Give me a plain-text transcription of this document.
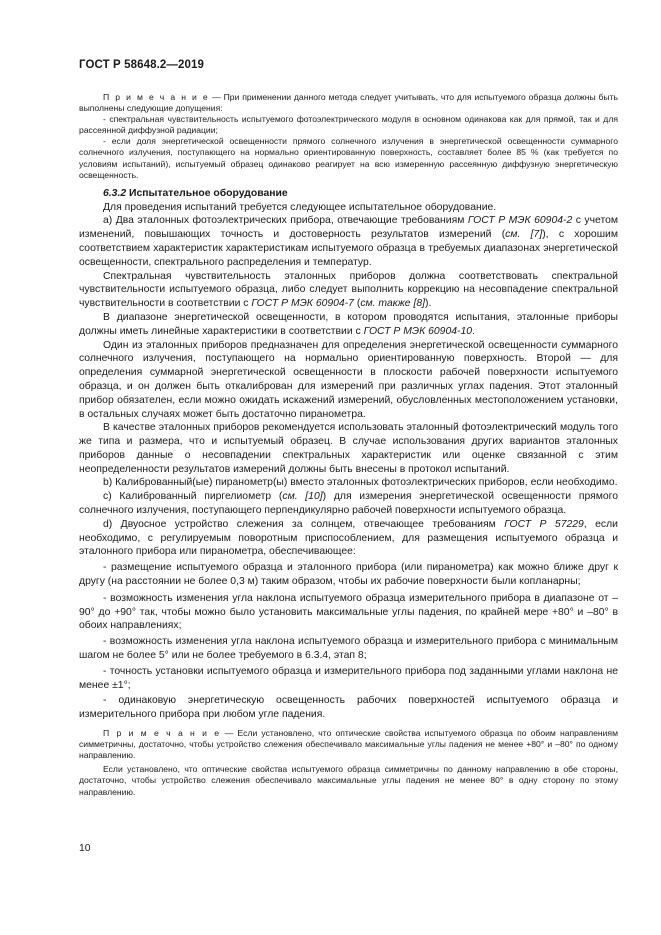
ГОСТ Р 58648.2—2019

П р и м е ч а н и е — При применении данного метода следует учитывать, что для испытуемого образца должны быть выполнены следующие допущения:

- спектральная чувствительность испытуемого фотоэлектрического модуля в основном одинакова как для прямой, так и для рассеянной диффузной радиации;

- если доля энергетической освещенности прямого солнечного излучения в энергетической освещенности суммарного солнечного излучения, поступающего на нормально ориентированную поверхность, составляет более 85 % (как требуется по условиям испытаний), испытуемый образец одинаково реагирует на всю измеренную рассеянную диффузную энергетическую освещенность.

6.3.2 Испытательное оборудование

Для проведения испытаний требуется следующее испытательное оборудование.

а) Два эталонных фотоэлектрических прибора, отвечающие требованиям ГОСТ Р МЭК 60904-2 с учетом изменений, повышающих точность и достоверность результатов измерений (см. [7]), с хорошим соответствием характеристик характеристикам испытуемого образца в требуемых диапазонах энергетической освещенности, спектрального распределения и температур.

Спектральная чувствительность эталонных приборов должна соответствовать спектральной чувствительности испытуемого образца, либо следует выполнить коррекцию на несовпадение спектральной чувствительности в соответствии с ГОСТ Р МЭК 60904-7 (см. также [8]).

В диапазоне энергетической освещенности, в котором проводятся испытания, эталонные приборы должны иметь линейные характеристики в соответствии с ГОСТ Р МЭК 60904-10.

Один из эталонных приборов предназначен для определения энергетической освещенности суммарного солнечного излучения, поступающего на нормально ориентированную поверхность. Второй — для определения суммарной энергетической освещенности в плоскости рабочей поверхности испытуемого образца, и он должен быть откалиброван для измерений при различных углах падения. Этот эталонный прибор обязателен, если можно ожидать искажений измерений, обусловленных местоположением установки, в остальных случаях может быть достаточно пиранометра.

В качестве эталонных приборов рекомендуется использовать эталонный фотоэлектрический модуль того же типа и размера, что и испытуемый образец. В случае использования других вариантов эталонных приборов данные о несовпадении спектральных характеристик или оценке связанной с этим неопределенности результатов измерений должны быть внесены в протокол испытаний.

b) Калиброванный(ые) пиранометр(ы) вместо эталонных фотоэлектрических приборов, если необходимо.

c) Калиброванный пиргелиометр (см. [10]) для измерения энергетической освещенности прямого солнечного излучения, поступающего перпендикулярно рабочей поверхности испытуемого образца.

d) Двуосное устройство слежения за солнцем, отвечающее требованиям ГОСТ Р 57229, если необходимо, с регулируемым поворотным приспособлением, для размещения испытуемого образца и эталонного прибора или пиранометра, обеспечивающее:

- размещение испытуемого образца и эталонного прибора (или пиранометра) как можно ближе друг к другу (на расстоянии не более 0,3 м) таким образом, чтобы их рабочие поверхности были копланарны;

- возможность изменения угла наклона испытуемого образца измерительного прибора в диапазоне от –90° до +90° так, чтобы можно было установить максимальные углы падения, по крайней мере +80° и –80° в обоих направлениях;

- возможность изменения угла наклона испытуемого образца и измерительного прибора с минимальным шагом не более 5° или не более требуемого в 6.3.4, этап 8;

- точность установки испытуемого образца и измерительного прибора под заданными углами наклона не менее ±1°;

- одинаковую энергетическую освещенность рабочих поверхностей испытуемого образца и измерительного прибора при любом угле падения.

П р и м е ч а н и е — Если установлено, что оптические свойства испытуемого образца по обоим направлениям симметричны, достаточно, чтобы устройство слежения обеспечивало максимальные углы падения не менее +80° и –80° по одному направлению.

Если установлено, что оптические свойства испытуемого образца симметричны по данному направлению в обе стороны, достаточно, чтобы устройство слежения обеспечивало максимальные углы падения не менее 80° в одну сторону по этому направлению.

10
